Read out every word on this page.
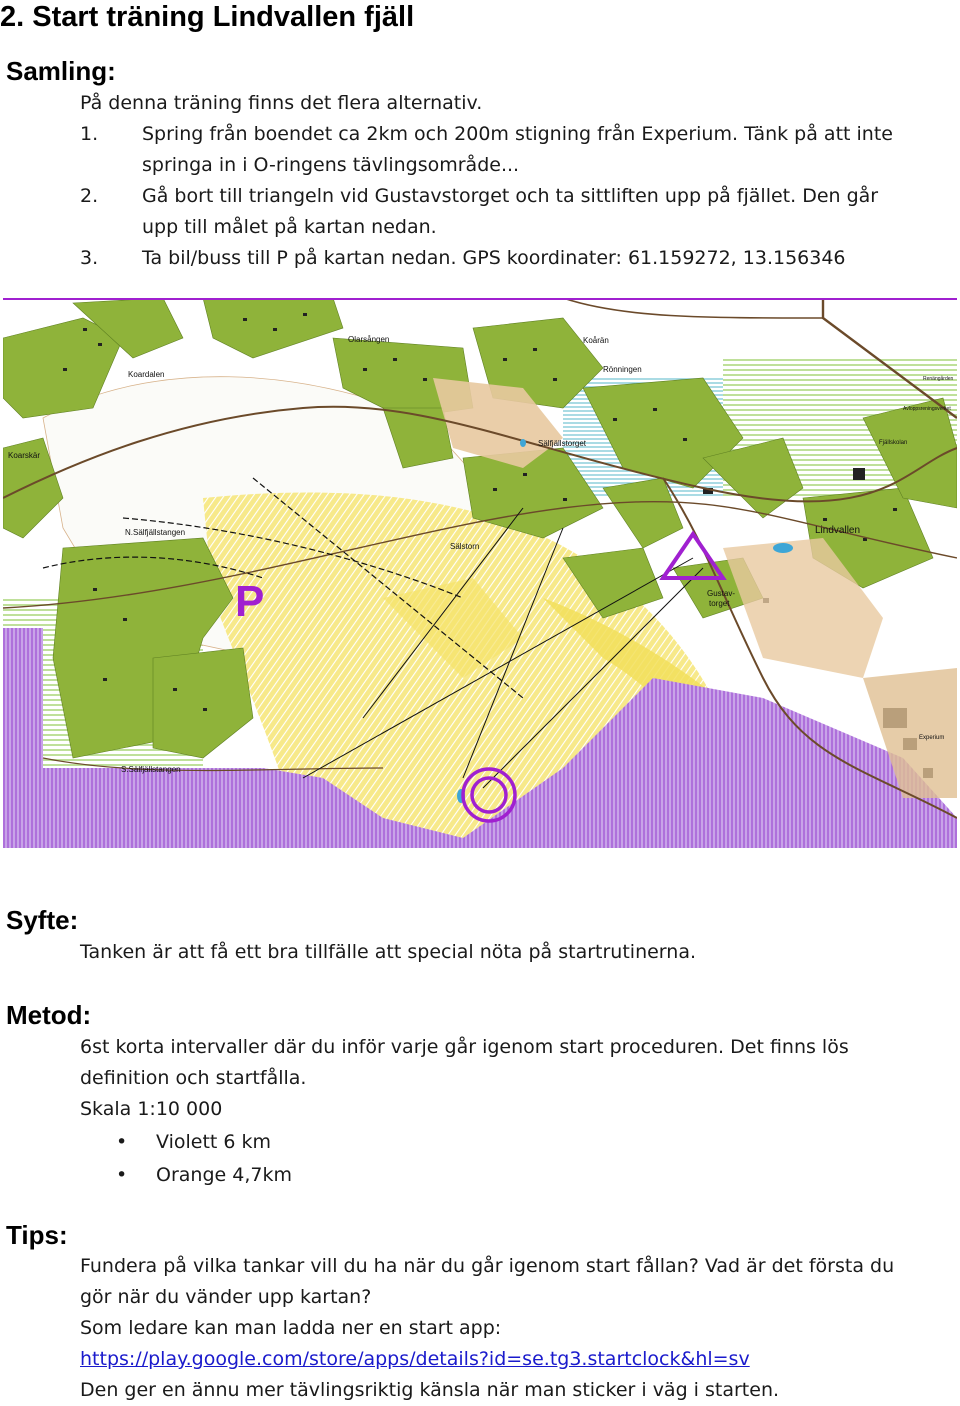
2. Start träning Lindvallen fjäll
Samling:
På denna träning finns det flera alternativ.
1. Spring från boendet ca 2km och 200m stigning från Experium. Tänk på att inte
springa in i O-ringens tävlingsområde...
2. Gå bort till triangeln vid Gustavstorget och ta sittliften upp på fjället. Den går
upp till målet på kartan nedan.
3. Ta bil/buss till P på kartan nedan. GPS koordinater: 61.159272, 13.156346
P
Olarsången
Koardalen
Koårän
Rönningen
Sälfjällstorget
Koarskär
N.Sälfjällstangen
Sälstorn
Lindvallen
Gustav-
torget
S.Sälfjällstangen
Experium
Fjällskolan
Renängården
Avloppsreningsverket
Syfte:
Tanken är att få ett bra tillfälle att special nöta på startrutinerna.
Metod:
6st korta intervaller där du inför varje går igenom start proceduren. Det finns lös
definition och startfålla.
Skala 1:10 000
• Violett 6 km
• Orange 4,7km
Tips:
Fundera på vilka tankar vill du ha när du går igenom start fållan? Vad är det första du
gör när du vänder upp kartan?
Som ledare kan man ladda ner en start app:
https://play.google.com/store/apps/details?id=se.tg3.startclock&hl=sv
Den ger en ännu mer tävlingsriktig känsla när man sticker i väg i starten.
